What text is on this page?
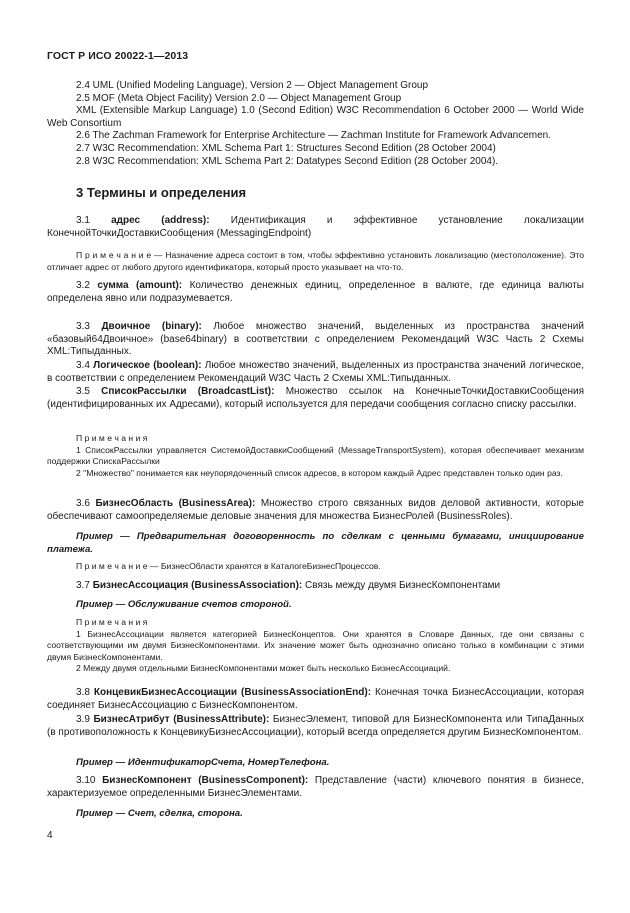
ГОСТ Р ИСО 20022-1—2013

2.4 UML (Unified Modeling Language), Version 2 — Object Management Group

2.5 MOF (Meta Object Facility) Version 2.0 — Object Management Group

XML (Extensible Markup Language) 1.0 (Second Edition) W3C Recommendation 6 October 2000 — World Wide Web Consortium

2.6 The Zachman Framework for Enterprise Architecture — Zachman Institute for Framework Advancemen.

2.7 W3C Recommendation: XML Schema Part 1: Structures Second Edition (28 October 2004)

2.8 W3C Recommendation: XML Schema Part 2: Datatypes Second Edition (28 October 2004).

3 Термины и определения

3.1 адрес (address): Идентификация и эффективное установление локализации КонечнойТочкиДоставкиСообщения (MessagingEndpoint)

П р и м е ч а н и е — Назначение адреса состоит в том, чтобы эффективно установить локализацию (местоположение). Это отличает адрес от любого другого идентификатора, который просто указывает на что-то.

3.2 сумма (amount): Количество денежных единиц, определенное в валюте, где единица валюты определена явно или подразумевается.

3.3 Двоичное (binary): Любое множество значений, выделенных из пространства значений «базовый64Двоичное» (base64binary) в соответствии с определением Рекомендаций W3C Часть 2 Схемы XML:Типыданных.

3.4 Логическое (boolean): Любое множество значений, выделенных из пространства значений логическое, в соответствии с определением Рекомендаций W3C Часть 2 Схемы XML:Типыданных.

3.5 СписокРассылки (BroadcastList): Множество ссылок на КонечныеТочкиДоставкиСообщения (идентифицированных их Адресами), который используется для передачи сообщения согласно списку рассылки.

П р и м е ч а н и я

1 СписокРассылки управляется СистемойДоставкиСообщений (MessageTransportSystem), которая обеспечивает механизм поддержки СпискаРассылки

2 "Множество" понимается как неупорядоченный список адресов, в котором каждый Адрес представлен только один раз.

3.6 БизнесОбласть (BusinessArea): Множество строго связанных видов деловой активности, которые обеспечивают самоопределяемые деловые значения для множества БизнесРолей (BusinessRoles).

Пример — Предварительная договоренность по сделкам с ценными бумагами, инициирование платежа.

П р и м е ч а н и е — БизнесОбласти хранятся в КаталогеБизнесПроцессов.

3.7 БизнесАссоциация (BusinessAssociation): Связь между двумя БизнесКомпонентами

Пример — Обслуживание счетов стороной.

П р и м е ч а н и я

1 БизнесАссоциации является категорией БизнесКонцептов. Они хранятся в Словаре Данных, где они связаны с соответствующими им двумя БизнесКомпонентами. Их значение может быть однозначно описано только в комбинации с этими двумя БизнесКомпонентами.

2 Между двумя отдельными БизнесКомпонентами может быть несколько БизнесАссоциаций.

3.8 КонцевикБизнесАссоциации (BusinessAssociationEnd): Конечная точка БизнесАссоциации, которая соединяет БизнесАссоциацию с БизнесКомпонентом.

3.9 БизнесАтрибут (BusinessAttribute): БизнесЭлемент, типовой для БизнесКомпонента или ТипаДанных (в противоположность к КонцевикуБизнесАссоциации), который всегда определяется другим БизнесКомпонентом.

Пример — ИдентификаторСчета, НомерТелефона.

3.10 БизнесКомпонент (BusinessComponent): Представление (части) ключевого понятия в бизнесе, характеризуемое определенными БизнесЭлементами.

Пример — Счет, сделка, сторона.

4
